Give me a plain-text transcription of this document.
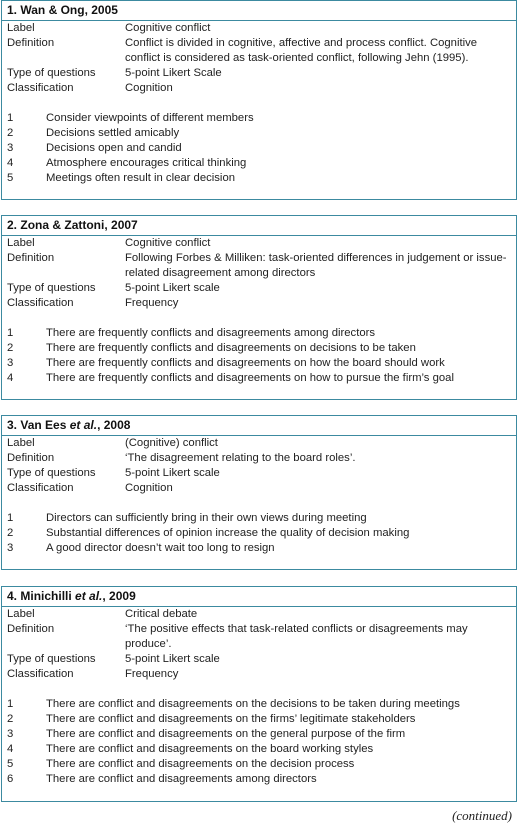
1. Wan & Ong, 2005
Label	Cognitive conflict
Definition	Conflict is divided in cognitive, affective and process conflict. Cognitive conflict is considered as task-oriented conflict, following Jehn (1995).
Type of questions	5-point Likert Scale
Classification	Cognition
1	Consider viewpoints of different members
2	Decisions settled amicably
3	Decisions open and candid
4	Atmosphere encourages critical thinking
5	Meetings often result in clear decision
2. Zona & Zattoni, 2007
Label	Cognitive conflict
Definition	Following Forbes & Milliken: task-oriented differences in judgement or issue-related disagreement among directors
Type of questions	5-point Likert scale
Classification	Frequency
1	There are frequently conflicts and disagreements among directors
2	There are frequently conflicts and disagreements on decisions to be taken
3	There are frequently conflicts and disagreements on how the board should work
4	There are frequently conflicts and disagreements on how to pursue the firm’s goal
3. Van Ees et al., 2008
Label	(Cognitive) conflict
Definition	‘The disagreement relating to the board roles’.
Type of questions	5-point Likert scale
Classification	Cognition
1	Directors can sufficiently bring in their own views during meeting
2	Substantial differences of opinion increase the quality of decision making
3	A good director doesn’t wait too long to resign
4. Minichilli et al., 2009
Label	Critical debate
Definition	‘The positive effects that task-related conflicts or disagreements may produce’.
Type of questions	5-point Likert scale
Classification	Frequency
1	There are conflict and disagreements on the decisions to be taken during meetings
2	There are conflict and disagreements on the firms’ legitimate stakeholders
3	There are conflict and disagreements on the general purpose of the firm
4	There are conflict and disagreements on the board working styles
5	There are conflict and disagreements on the decision process
6	There are conflict and disagreements among directors
(continued)
